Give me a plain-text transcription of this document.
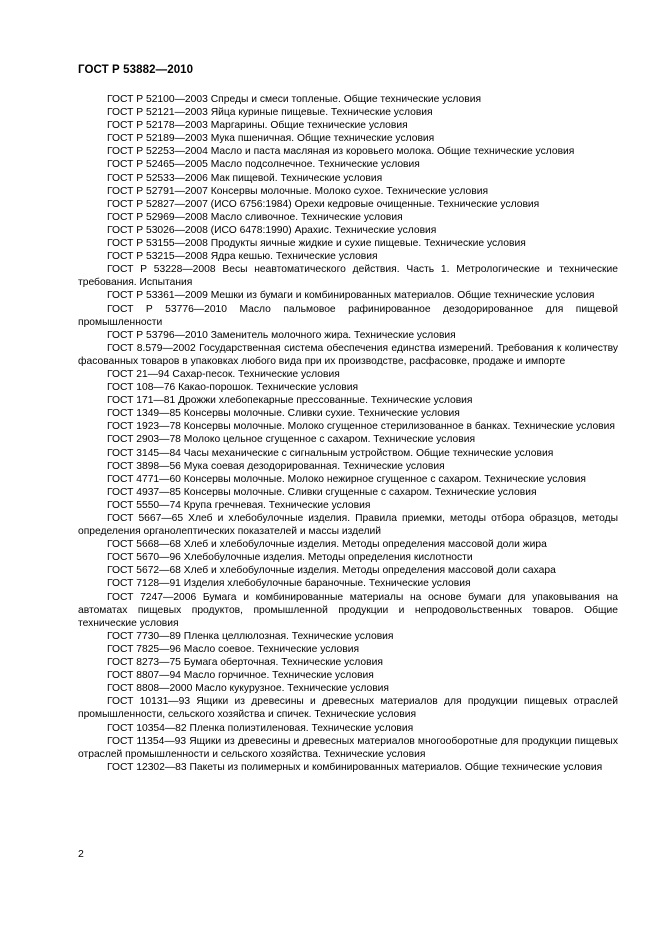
ГОСТ Р 53882—2010

ГОСТ Р 52100—2003 Спреды и смеси топленые. Общие технические условия

ГОСТ Р 52121—2003 Яйца куриные пищевые. Технические условия

ГОСТ Р 52178—2003 Маргарины. Общие технические условия

ГОСТ Р 52189—2003 Мука пшеничная. Общие технические условия

ГОСТ Р 52253—2004 Масло и паста масляная из коровьего молока. Общие технические условия

ГОСТ Р 52465—2005 Масло подсолнечное. Технические условия

ГОСТ Р 52533—2006 Мак пищевой. Технические условия

ГОСТ Р 52791—2007 Консервы молочные. Молоко сухое. Технические условия

ГОСТ Р 52827—2007 (ИСО 6756:1984) Орехи кедровые очищенные. Технические условия

ГОСТ Р 52969—2008 Масло сливочное. Технические условия

ГОСТ Р 53026—2008 (ИСО 6478:1990) Арахис. Технические условия

ГОСТ Р 53155—2008 Продукты яичные жидкие и сухие пищевые. Технические условия

ГОСТ Р 53215—2008 Ядра кешью. Технические условия

ГОСТ Р 53228—2008 Весы неавтоматического действия. Часть 1. Метрологические и технические требования. Испытания

ГОСТ Р 53361—2009 Мешки из бумаги и комбинированных материалов. Общие технические условия

ГОСТ Р 53776—2010 Масло пальмовое рафинированное дезодорированное для пищевой промышленности

ГОСТ Р 53796—2010 Заменитель молочного жира. Технические условия

ГОСТ 8.579—2002 Государственная система обеспечения единства измерений. Требования к количеству фасованных товаров в упаковках любого вида при их производстве, расфасовке, продаже и импорте

ГОСТ 21—94 Сахар-песок. Технические условия

ГОСТ 108—76 Какао-порошок. Технические условия

ГОСТ 171—81 Дрожжи хлебопекарные прессованные. Технические условия

ГОСТ 1349—85 Консервы молочные. Сливки сухие. Технические условия

ГОСТ 1923—78 Консервы молочные. Молоко сгущенное стерилизованное в банках. Технические условия

ГОСТ 2903—78 Молоко цельное сгущенное с сахаром. Технические условия

ГОСТ 3145—84 Часы механические с сигнальным устройством. Общие технические условия

ГОСТ 3898—56 Мука соевая дезодорированная. Технические условия

ГОСТ 4771—60 Консервы молочные. Молоко нежирное сгущенное с сахаром. Технические условия

ГОСТ 4937—85 Консервы молочные. Сливки сгущенные с сахаром. Технические условия

ГОСТ 5550—74 Крупа гречневая. Технические условия

ГОСТ 5667—65 Хлеб и хлебобулочные изделия. Правила приемки, методы отбора образцов, методы определения органолептических показателей и массы изделий

ГОСТ 5668—68 Хлеб и хлебобулочные изделия. Методы определения массовой доли жира

ГОСТ 5670—96 Хлебобулочные изделия. Методы определения кислотности

ГОСТ 5672—68 Хлеб и хлебобулочные изделия. Методы определения массовой доли сахара

ГОСТ 7128—91 Изделия хлебобулочные бараночные. Технические условия

ГОСТ 7247—2006 Бумага и комбинированные материалы на основе бумаги для упаковывания на автоматах пищевых продуктов, промышленной продукции и непродовольственных товаров. Общие технические условия

ГОСТ 7730—89 Пленка целлюлозная. Технические условия

ГОСТ 7825—96 Масло соевое. Технические условия

ГОСТ 8273—75 Бумага оберточная. Технические условия

ГОСТ 8807—94 Масло горчичное. Технические условия

ГОСТ 8808—2000 Масло кукурузное. Технические условия

ГОСТ 10131—93 Ящики из древесины и древесных материалов для продукции пищевых отраслей промышленности, сельского хозяйства и спичек. Технические условия

ГОСТ 10354—82 Пленка полиэтиленовая. Технические условия

ГОСТ 11354—93 Ящики из древесины и древесных материалов многооборотные для продукции пищевых отраслей промышленности и сельского хозяйства. Технические условия

ГОСТ 12302—83 Пакеты из полимерных и комбинированных материалов. Общие технические условия

2
